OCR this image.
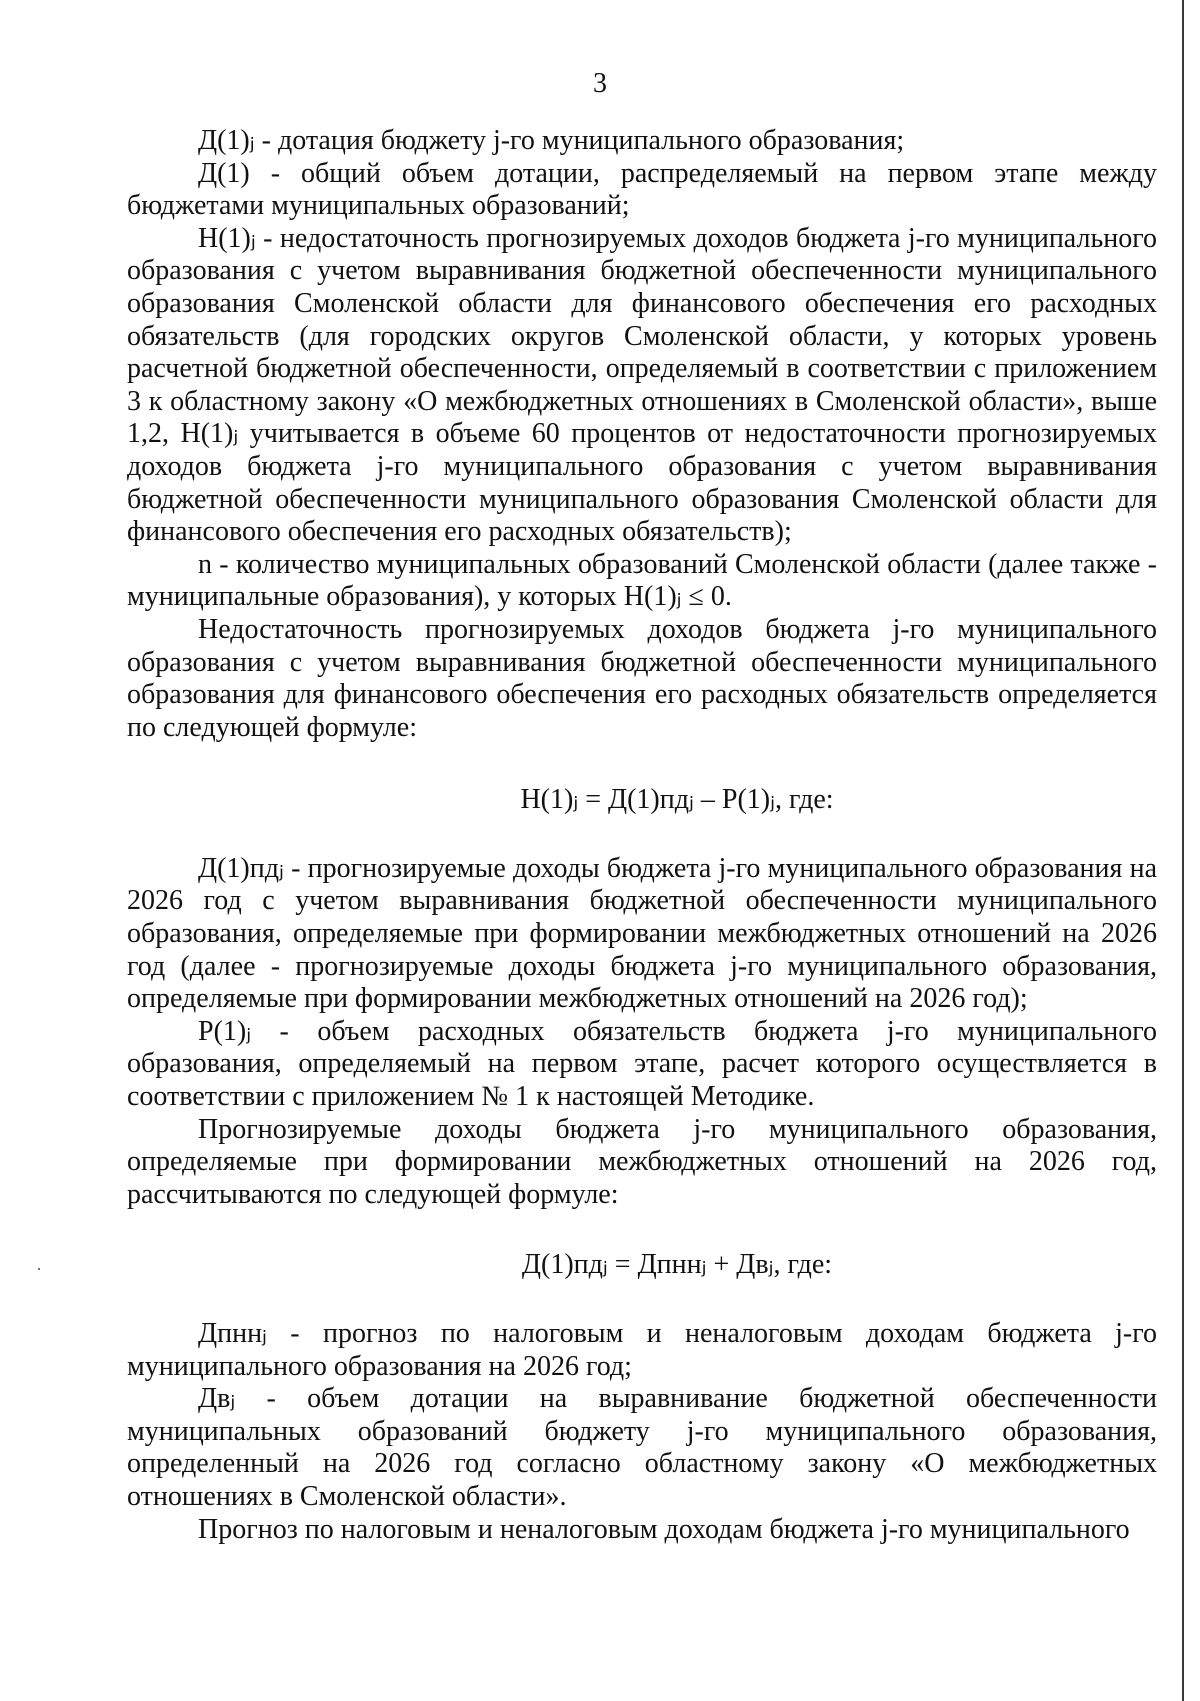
3

Д(1)ⱼ - дотация бюджету j-го муниципального образования;

Д(1) - общий объем дотации, распределяемый на первом этапе между бюджетами муниципальных образований;

Н(1)ⱼ - недостаточность прогнозируемых доходов бюджета j-го муниципального образования с учетом выравнивания бюджетной обеспеченности муниципального образования Смоленской области для финансового обеспечения его расходных обязательств (для городских округов Смоленской области, у которых уровень расчетной бюджетной обеспеченности, определяемый в соответствии с приложением 3 к областному закону «О межбюджетных отношениях в Смоленской области», выше 1,2, Н(1)ⱼ учитывается в объеме 60 процентов от недостаточности прогнозируемых доходов бюджета j-го муниципального образования с учетом выравнивания бюджетной обеспеченности муниципального образования Смоленской области для финансового обеспечения его расходных обязательств);

n - количество муниципальных образований Смоленской области (далее также - муниципальные образования), у которых Н(1)ⱼ ≤ 0.

Недостаточность прогнозируемых доходов бюджета j-го муниципального образования с учетом выравнивания бюджетной обеспеченности муниципального образования для финансового обеспечения его расходных обязательств определяется по следующей формуле:

Н(1)ⱼ = Д(1)пдⱼ – Р(1)ⱼ, где:

Д(1)пдⱼ - прогнозируемые доходы бюджета j-го муниципального образования на 2026 год с учетом выравнивания бюджетной обеспеченности муниципального образования, определяемые при формировании межбюджетных отношений на 2026 год (далее - прогнозируемые доходы бюджета j-го муниципального образования, определяемые при формировании межбюджетных отношений на 2026 год);

Р(1)ⱼ - объем расходных обязательств бюджета j-го муниципального образования, определяемый на первом этапе, расчет которого осуществляется в соответствии с приложением № 1 к настоящей Методике.

Прогнозируемые доходы бюджета j-го муниципального образования, определяемые при формировании межбюджетных отношений на 2026 год, рассчитываются по следующей формуле:

Д(1)пдⱼ = Дпннⱼ + Двⱼ, где:

Дпннⱼ - прогноз по налоговым и неналоговым доходам бюджета j-го муниципального образования на 2026 год;

Двⱼ - объем дотации на выравнивание бюджетной обеспеченности муниципальных образований бюджету j-го муниципального образования, определенный на 2026 год согласно областному закону «О межбюджетных отношениях в Смоленской области».

Прогноз по налоговым и неналоговым доходам бюджета j-го муниципального
